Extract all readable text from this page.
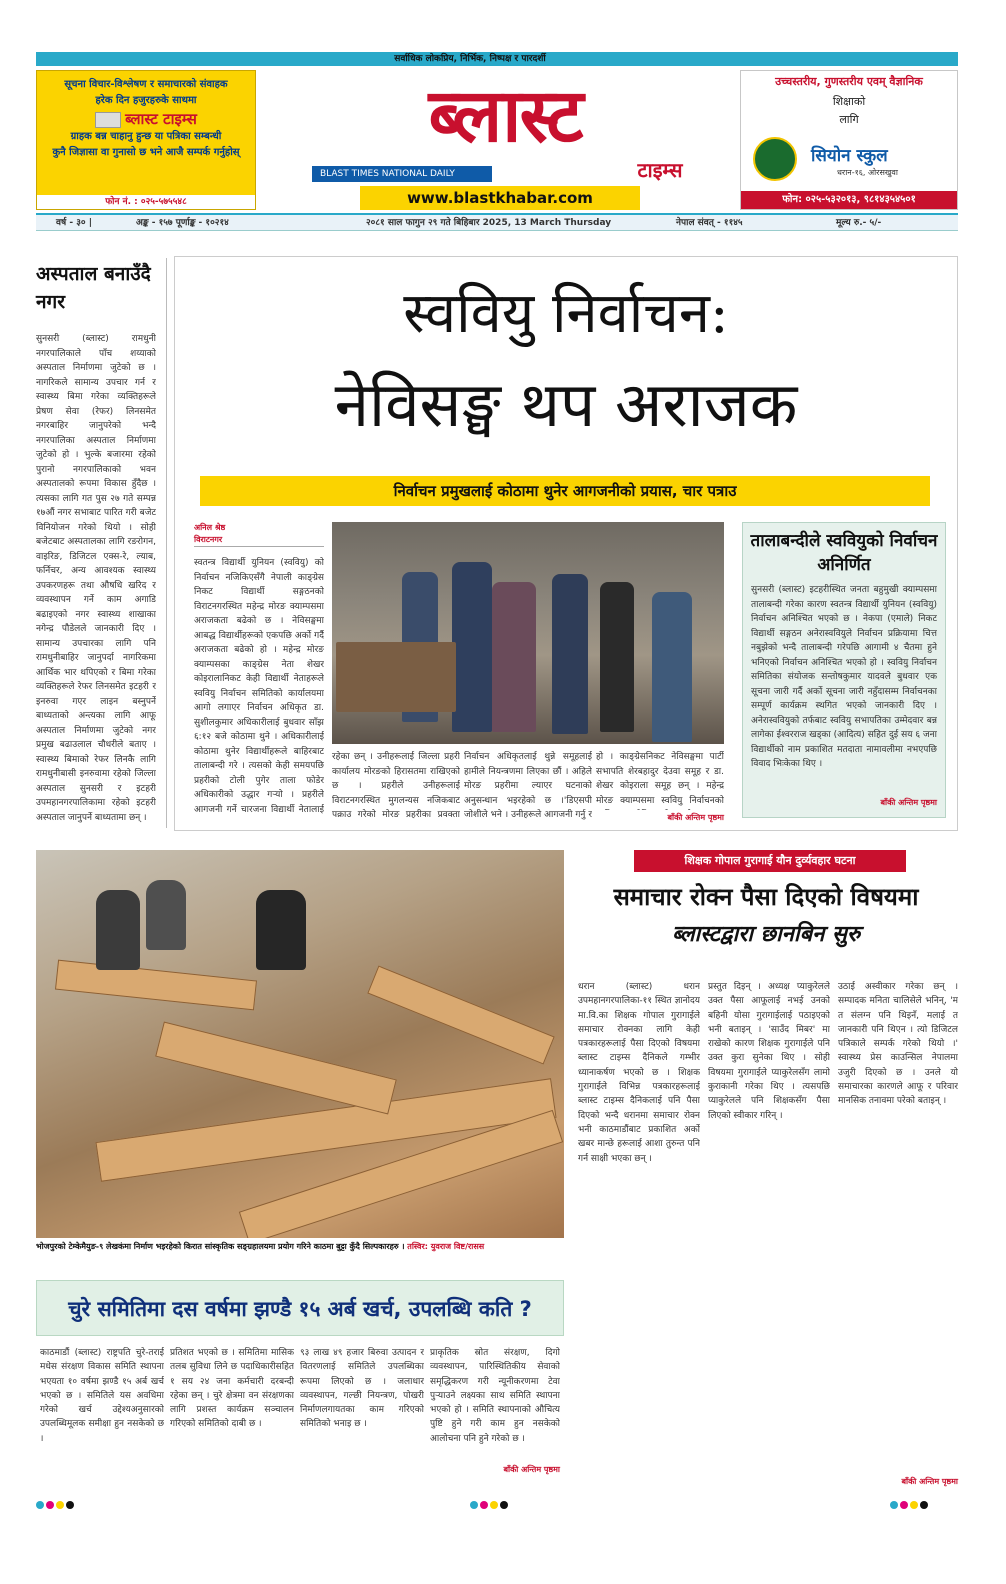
सर्वाधिक लोकप्रिय, निर्भिक, निष्पक्ष र पारदर्शी
सूचना विचार-विश्लेषण र समाचारको संवाहक
हरेक दिन हजुरहरुके साथमा
ब्लास्ट टाइम्स
ग्राहक बन्न चाहानु हुन्छ या पत्रिका सम्बन्धी
कुनै जिज्ञासा वा गुनासो छ भने आजै सम्पर्क गर्नुहोस्
फोन नं. : ०२५-५७५५४८
ब्लास्ट
BLAST TIMES NATIONAL DAILY	टाइम्स
www.blastkhabar.com
उच्चस्तरीय, गुणस्तरीय एवम् वैज्ञानिक
शिक्षाको
लागि
सियोन स्कुल
धरान-१६, ओरसखुवा
फोन: ०२५-५३२०१३, ९८१४३५४५०१
वर्ष - ३० |	अङ्क - १५७ पूर्णाङ्क - १०२१४	२०८१ साल फागुन २९ गते बिहिबार 2025, 13 March Thursday	नेपाल संवत् - ११४५	मूल्य रु.- ५/-
अस्पताल बनाउँदै नगर
सुनसरी (ब्लास्ट) रामधुनी नगरपालिकाले पाँच शय्याको अस्पताल निर्माणमा जुटेको छ । नागरिकले सामान्य उपचार गर्न र स्वास्थ्य बिमा गरेका व्यक्तिहरूले प्रेषण सेवा (रेफर) लिनसमेत नगरबाहिर जानुपरेको भन्दै नगरपालिका अस्पताल निर्माणमा जुटेको हो । भुल्के बजारमा रहेको पुरानो नगरपालिकाको भवन अस्पतालको रूपमा विकास हुँदैछ । त्यसका लागि गत पुस २७ गते सम्पन्न १७औं नगर सभाबाट पारित गरी बजेट विनियोजन गरेको थियो । सोही बजेटबाट अस्पतालका लागि रङरोगन, वाइरिङ, डिजिटल एक्स-रे, ल्याब, फर्निचर, अन्य आवश्यक स्वास्थ्य उपकरणहरू तथा औषधि खरिद र व्यवस्थापन गर्ने काम अगाडि बढाइएको नगर स्वास्थ्य शाखाका नगेन्द्र पौडेलले जानकारी दिए । सामान्य उपचारका लागि पनि रामधुनीबाहिर जानुपर्दा नागरिकमा आर्थिक भार थपिएको र बिमा गरेका व्यक्तिहरूले रेफर लिनसमेत इटहरी र इनरुवा गएर लाइन बस्नुपर्ने बाध्यताको अन्त्यका लागि आफू अस्पताल निर्माणमा जुटेको नगर प्रमुख बढाउलाल चौधरीले बताए । स्वास्थ्य बिमाको रेफर लिनकै लागि रामधुनीबासी इनरुवामा रहेको जिल्ला अस्पताल सुनसरी र इटहरी उपमहानगरपालिकामा रहेको इटहरी अस्पताल जानुपर्ने बाध्यतामा छन् ।
स्ववियु निर्वाचन:
नेविसङ्घ थप अराजक
निर्वाचन प्रमुखलाई कोठामा थुनेर आगजनीको प्रयास, चार पत्राउ
अनिल श्रेष्ठ
विराटनगर
स्वतन्त्र विद्यार्थी युनियन (स्ववियु) को निर्वाचन नजिकिएसँगै नेपाली काङ्ग्रेस निकट विद्यार्थी सङ्गठनको विराटनगरस्थित महेन्द्र मोरङ क्याम्पसमा अराजकता बढेको छ । नेविसङ्घमा आबद्ध विद्यार्थीहरूको एकपछि अर्को गर्दै अराजकता बढेको हो । महेन्द्र मोरङ क्याम्पसका काङ्ग्रेस नेता शेखर कोइरालानिकट केही विद्यार्थी नेताहरूले स्ववियु निर्वाचन समितिको कार्यालयमा आगो लगाएर निर्वाचन अधिकृत डा. सुशीलकुमार अधिकारीलाई बुधवार साँझ ६:१२ बजे कोठामा थुने । अधिकारीलाई कोठामा थुनेर विद्यार्थीहरूले बाहिरबाट तालाबन्दी गरे । त्यसको केही समयपछि प्रहरीको टोली पुगेर ताला फोडेर अधिकारीको उद्धार गर्‍यो । प्रहरीले आगजनी गर्ने चारजना विद्यार्थी नेतालाई
रहेका छन् । उनीहरूलाई जिल्ला प्रहरी कार्यालय मोरङको हिरासतमा राखिएको छ । प्रहरीले उनीहरूलाई विराटनगरस्थित मुगलन्यस नजिकबाट पक्राउ गरेको मोरङ प्रहरीका प्रवक्ता
निर्वाचन अधिकृतलाई थुन्ने समूहलाई हामीले नियन्त्रणमा लिएका छौं । अहिले मोरङ प्रहरीमा ल्याएर घटनाको अनुसन्धान भइरहेको छ ।'डिएसपी जोशीले भने । उनीहरूले आगजनी गर्नु र
हो । काङ्ग्रेसनिकट नेविसङ्घमा पार्टी सभापति शेरबहादुर देउवा समूह र डा. शेखर कोइराला समूह छन् । महेन्द्र मोरङ क्याम्पसमा स्ववियु निर्वाचनको
बाँकी अन्तिम पृष्ठमा
तालाबन्दीले स्ववियुको निर्वाचन अनिर्णित
सुनसरी (ब्लास्ट) इटहरीस्थित जनता बहुमुखी क्याम्पसमा तालाबन्दी गरेका कारण स्वतन्त्र विद्यार्थी युनियन (स्ववियु) निर्वाचन अनिश्चित भएको छ । नेकपा (एमाले) निकट विद्यार्थी सङ्गठन अनेरास्ववियुले निर्वाचन प्रक्रियामा चित्त नबुझेको भन्दै तालाबन्दी गरेपछि आगामी ४ चैतमा हुने भनिएको निर्वाचन अनिश्चित भएको हो । स्ववियु निर्वाचन समितिका संयोजक सन्तोषकुमार यादवले बुधवार एक सूचना जारी गर्दै अर्को सूचना जारी नहुँदासम्म निर्वाचनका सम्पूर्ण कार्यक्रम स्थगित भएको जानकारी दिए । अनेरास्ववियुको तर्फबाट स्ववियु सभापतिका उम्मेदवार बन्न लागेका ईश्वरराज खड्का (आदित्य) सहित दुई सय ६ जना विद्यार्थीको नाम प्रकाशित मतदाता नामावलीमा नभएपछि विवाद भिःकेका थिए ।
बाँकी अन्तिम पृष्ठमा
भोजपुरको टेम्केमैयुङ-९ लेखकंमा निर्माण भइरहेको किरात सांस्कृतिक सङ्ग्रहालयमा प्रयोग गरिने काठमा बुट्टा कुँदै सिल्पकारहरु । तस्विर: युवराज विष्ट/रासस
शिक्षक गोपाल गुरागाई यौन दुर्व्यवहार घटना
समाचार रोक्न पैसा दिएको विषयमा
ब्लास्टद्वारा छानबिन सुरु
धरान (ब्लास्ट) धरान उपमहानगरपालिका-११ स्थित ज्ञानोदय मा.वि.का शिक्षक गोपाल गुरागाईले समाचार रोक्नका लागि केही पत्रकारहरूलाई पैसा दिएको विषयमा ब्लास्ट टाइम्स दैनिकले गम्भीर ध्यानाकर्षण भएको छ । शिक्षक गुरागाईले विभिन्न पत्रकारहरूलाई ब्लास्ट टाइम्स दैनिकलाई पनि पैसा दिएको भन्दै धरानमा समाचार रोक्न भनी काठमाडौंबाट प्रकाशित अर्को खबर मान्छे हरूलाई आशा तुरुन्त पनि गर्न साक्षी भएका छन् ।
प्रस्तुत दिइन् । अध्यक्ष प्याकुरेलले उक्त पैसा आफूलाई नभई उनको बहिनी योसा गुरागाईलाई पठाइएको भनी बताइन् । 'साउँद मिबर' मा राखेको कारण शिक्षक गुरागाईले पनि उक्त कुरा सुनेका थिए । सोही विषयमा गुरागाईले प्याकुरेलसँग लामो कुराकानी गरेका थिए । त्यसपछि प्याकुरेलले पनि शिक्षकसँग पैसा लिएको स्वीकार गरिन् ।
उठाई अस्वीकार गरेका छन् । सम्पादक मनिता चालिसेले भनिन्, 'म त संलग्न पनि थिइनँ, मलाई त जानकारी पनि थिएन । त्यो डिजिटल पत्रिकाले सम्पर्क गरेको थियो ।' स्वास्थ्य प्रेस काउन्सिल नेपालमा उजुरी दिएको छ । उनले यो समाचारका कारणले आफू र परिवार मानसिक तनावमा परेको बताइन् ।
बाँकी अन्तिम पृष्ठमा
चुरे समितिमा दस वर्षमा झण्डै १५ अर्ब खर्च, उपलब्धि कति ?
काठमाडौं (ब्लास्ट) राष्ट्रपति चुरे-तराई मधेस संरक्षण विकास समिति स्थापना भएयता १० वर्षमा झण्डै १५ अर्ब खर्च भएको छ । समितिले यस अवधिमा गरेको खर्च उद्देश्यअनुसारको उपलब्धिमूलक समीक्षा हुन नसकेको छ ।
प्रतिशत भएको छ । समितिमा मासिक तलब सुविधा लिने छ पदाधिकारीसहित १ सय २४ जना कर्मचारी दरबन्दी रहेका छन् । चुरे क्षेत्रमा वन संरक्षणका लागि प्रशस्त कार्यक्रम सञ्चालन गरिएको समितिको दाबी छ ।
९३ लाख ४९ हजार बिरुवा उत्पादन र वितरणलाई समितिले उपलब्धिका रूपमा लिएको छ । जलाधार व्यवस्थापन, गल्छी नियन्त्रण, पोखरी निर्माणलगायतका काम गरिएको समितिको भनाइ छ ।
प्राकृतिक स्रोत संरक्षण, दिगो व्यवस्थापन, पारिस्थितिकीय सेवाको समृद्धिकरण गरी न्यूनीकरणमा टेवा पुऱ्याउने लक्ष्यका साथ समिति स्थापना भएको हो । समिति स्थापनाको औचित्य पुष्टि हुने गरी काम हुन नसकेको आलोचना पनि हुने गरेको छ ।
बाँकी अन्तिम पृष्ठमा
